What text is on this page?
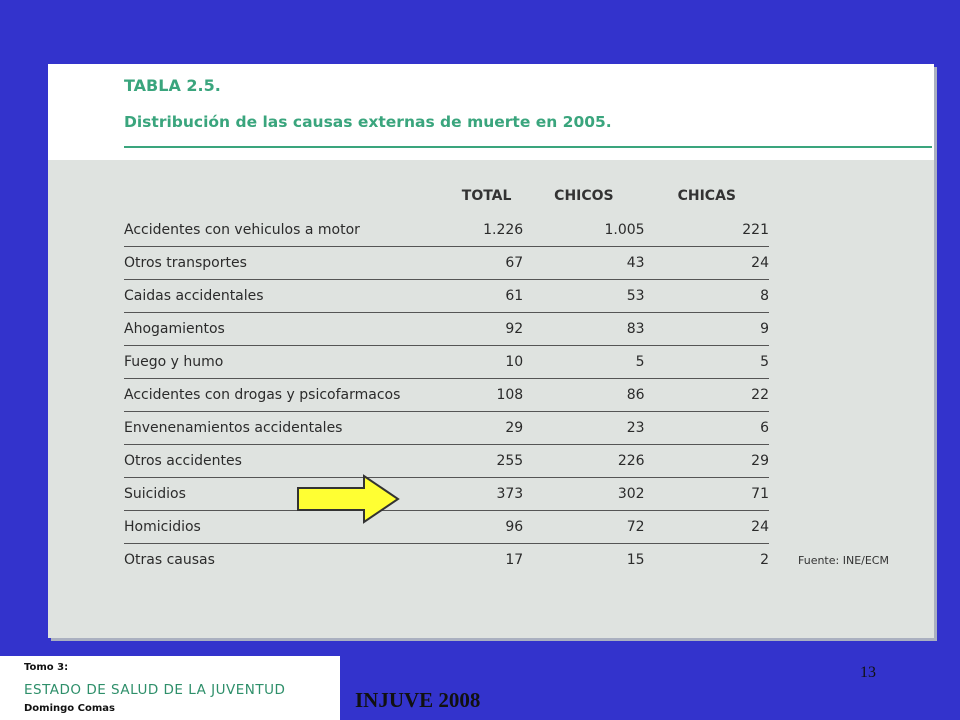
TABLA 2.5.
Distribución de las causas externas de muerte en 2005.
	TOTAL	CHICOS	CHICAS
Accidentes con vehiculos a motor	1.226	1.005	221
Otros transportes	67	43	24
Caidas accidentales	61	53	8
Ahogamientos	92	83	9
Fuego y humo	10	5	5
Accidentes con drogas y psicofarmacos	108	86	22
Envenenamientos accidentales	29	23	6
Otros accidentes	255	226	29
Suicidios	373	302	71
Homicidios	96	72	24
Otras causas	17	15	2	Fuente: INE/ECM
Tomo 3:
ESTADO DE SALUD DE LA JUVENTUD
Domingo Comas	INJUVE 2008
13
